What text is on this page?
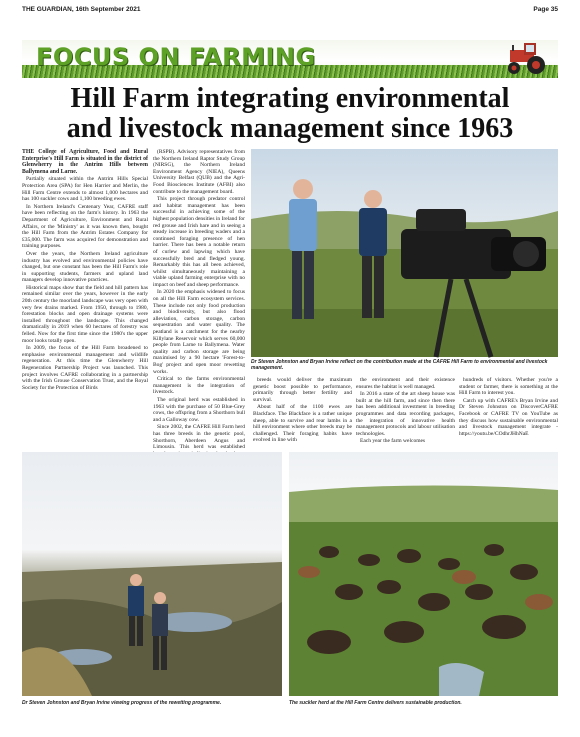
THE GUARDIAN, 16th September 2021	Page 35
FOCUS ON FARMING
Hill Farm integrating environmental
and livestock management since 1963

THE College of Agriculture, Food and Rural Enterprise's Hill Farm is situated in the district of Glenwherry in the Antrim Hills between Ballymena and Larne.

Partially situated within the Antrim Hills Special Protection Area (SPA) for Hen Harrier and Merlin, the Hill Farm Centre extends to almost 1,000 hectares and has 100 suckler cows and 1,100 breeding ewes.

In Northern Ireland's Centenary Year, CAFRE staff have been reflecting on the farm's history. In 1963 the Department of Agriculture, Environment and Rural Affairs, or the 'Ministry' as it was known then, bought the Hill Farm from the Antrim Estates Company for £35,000. The farm was acquired for demonstration and training purposes.

Over the years, the Northern Ireland agriculture industry has evolved and environmental policies have changed, but one constant has been the Hill Farm's role in supporting students, farmers and upland land managers develop innovative practices.

Historical maps show that the field and hill pattern has remained similar over the years, however in the early 20th century the moorland landscape was very open with very few drains marked. From 1950, through to 1980, forestation blocks and open drainage systems were installed throughout the landscape. This changed dramatically in 2019 when 60 hectares of forestry was felled. Now for the first time since the 1980's the upper moor looks totally open.

In 2009, the focus of the Hill Farm broadened to emphasise environmental management and wildlife regeneration. At this time the Glenwherry Hill Regeneration Partnership Project was launched. This project involves CAFRE collaborating in a partnership with the Irish Grouse Conservation Trust, and the Royal Society for the Protection of Birds

(RSPB). Advisory representatives from the Northern Ireland Raptor Study Group (NIRSG), the Northern Ireland Environment Agency (NIEA), Queens University Belfast (QUB) and the Agri-Food Biosciences Institute (AFBI) also contribute to the management board.

This project through predator control and habitat management has been successful in achieving some of the highest population densities in Ireland for red grouse and Irish hare and in seeing a steady increase in breeding waders and a continued foraging presence of hen harrier. There has been a notable return of curlew and lapwing which have successfully bred and fledged young. Remarkably this has all been achieved, whilst simultaneously maintaining a viable upland farming enterprise with no impact on beef and sheep performance.

In 2020 the emphasis widened to focus on all the Hill Farm ecosystem services. These include not only food production and biodiversity, but also flood alleviation, carbon storage, carbon sequestration and water quality. The peatland is a catchment for the nearby Killylane Reservoir which serves 60,000 people from Larne to Ballymena. Water quality and carbon storage are being maximised by a 90 hectare 'Forest-to-Bog' project and open moor rewetting works.

Critical to the farms environmental management is the integration of livestock.

The original herd was established in 1963 with the purchase of 50 Blue-Grey cows, the offspring from a Shorthorn bull and a Galloway cow.

Since 2002, the CAFRE Hill Farm herd has three breeds in the genetic pool, Shorthorn, Aberdeen Angus and Limousin. This herd was established

Dr Steven Johnston and Bryan Irvine reflect on the contribution made at the CAFRE Hill Farm to environmental and livestock management.

breeds would deliver the maximum genetic boost possible to performance, primarily through better fertility and survival.

About half of the 1100 ewes are Blackface. The Blackface is a rather unique sheep, able to survive and rear lambs in a hill environment where other breeds may be challenged. Their foraging habits have evolved in line with

the environment and their existence ensures the habitat is well managed.

In 2016 a state of the art sheep house was built at the hill farm, and since then there has been additional investment in breeding programmes and data recording packages, the integration of innovative health management protocols and labour utilisation technologies.

Each year the farm welcomes

hundreds of visitors. Whether you're a student or farmer, there is something at the Hill Farm to interest you.

Catch up with CAFRE's Bryan Irvine and Dr Steven Johnston on DiscoverCAFRE Facebook or CAFRE TV on YouTube as they discuss how sustainable environmental and livestock management integrate - https://youtu.be/COdhrJHhNaE

Dr Steven Johnston and Bryan Irvine viewing progress of the rewetting programme.	The suckler herd at the Hill Farm Centre delivers sustainable production.
